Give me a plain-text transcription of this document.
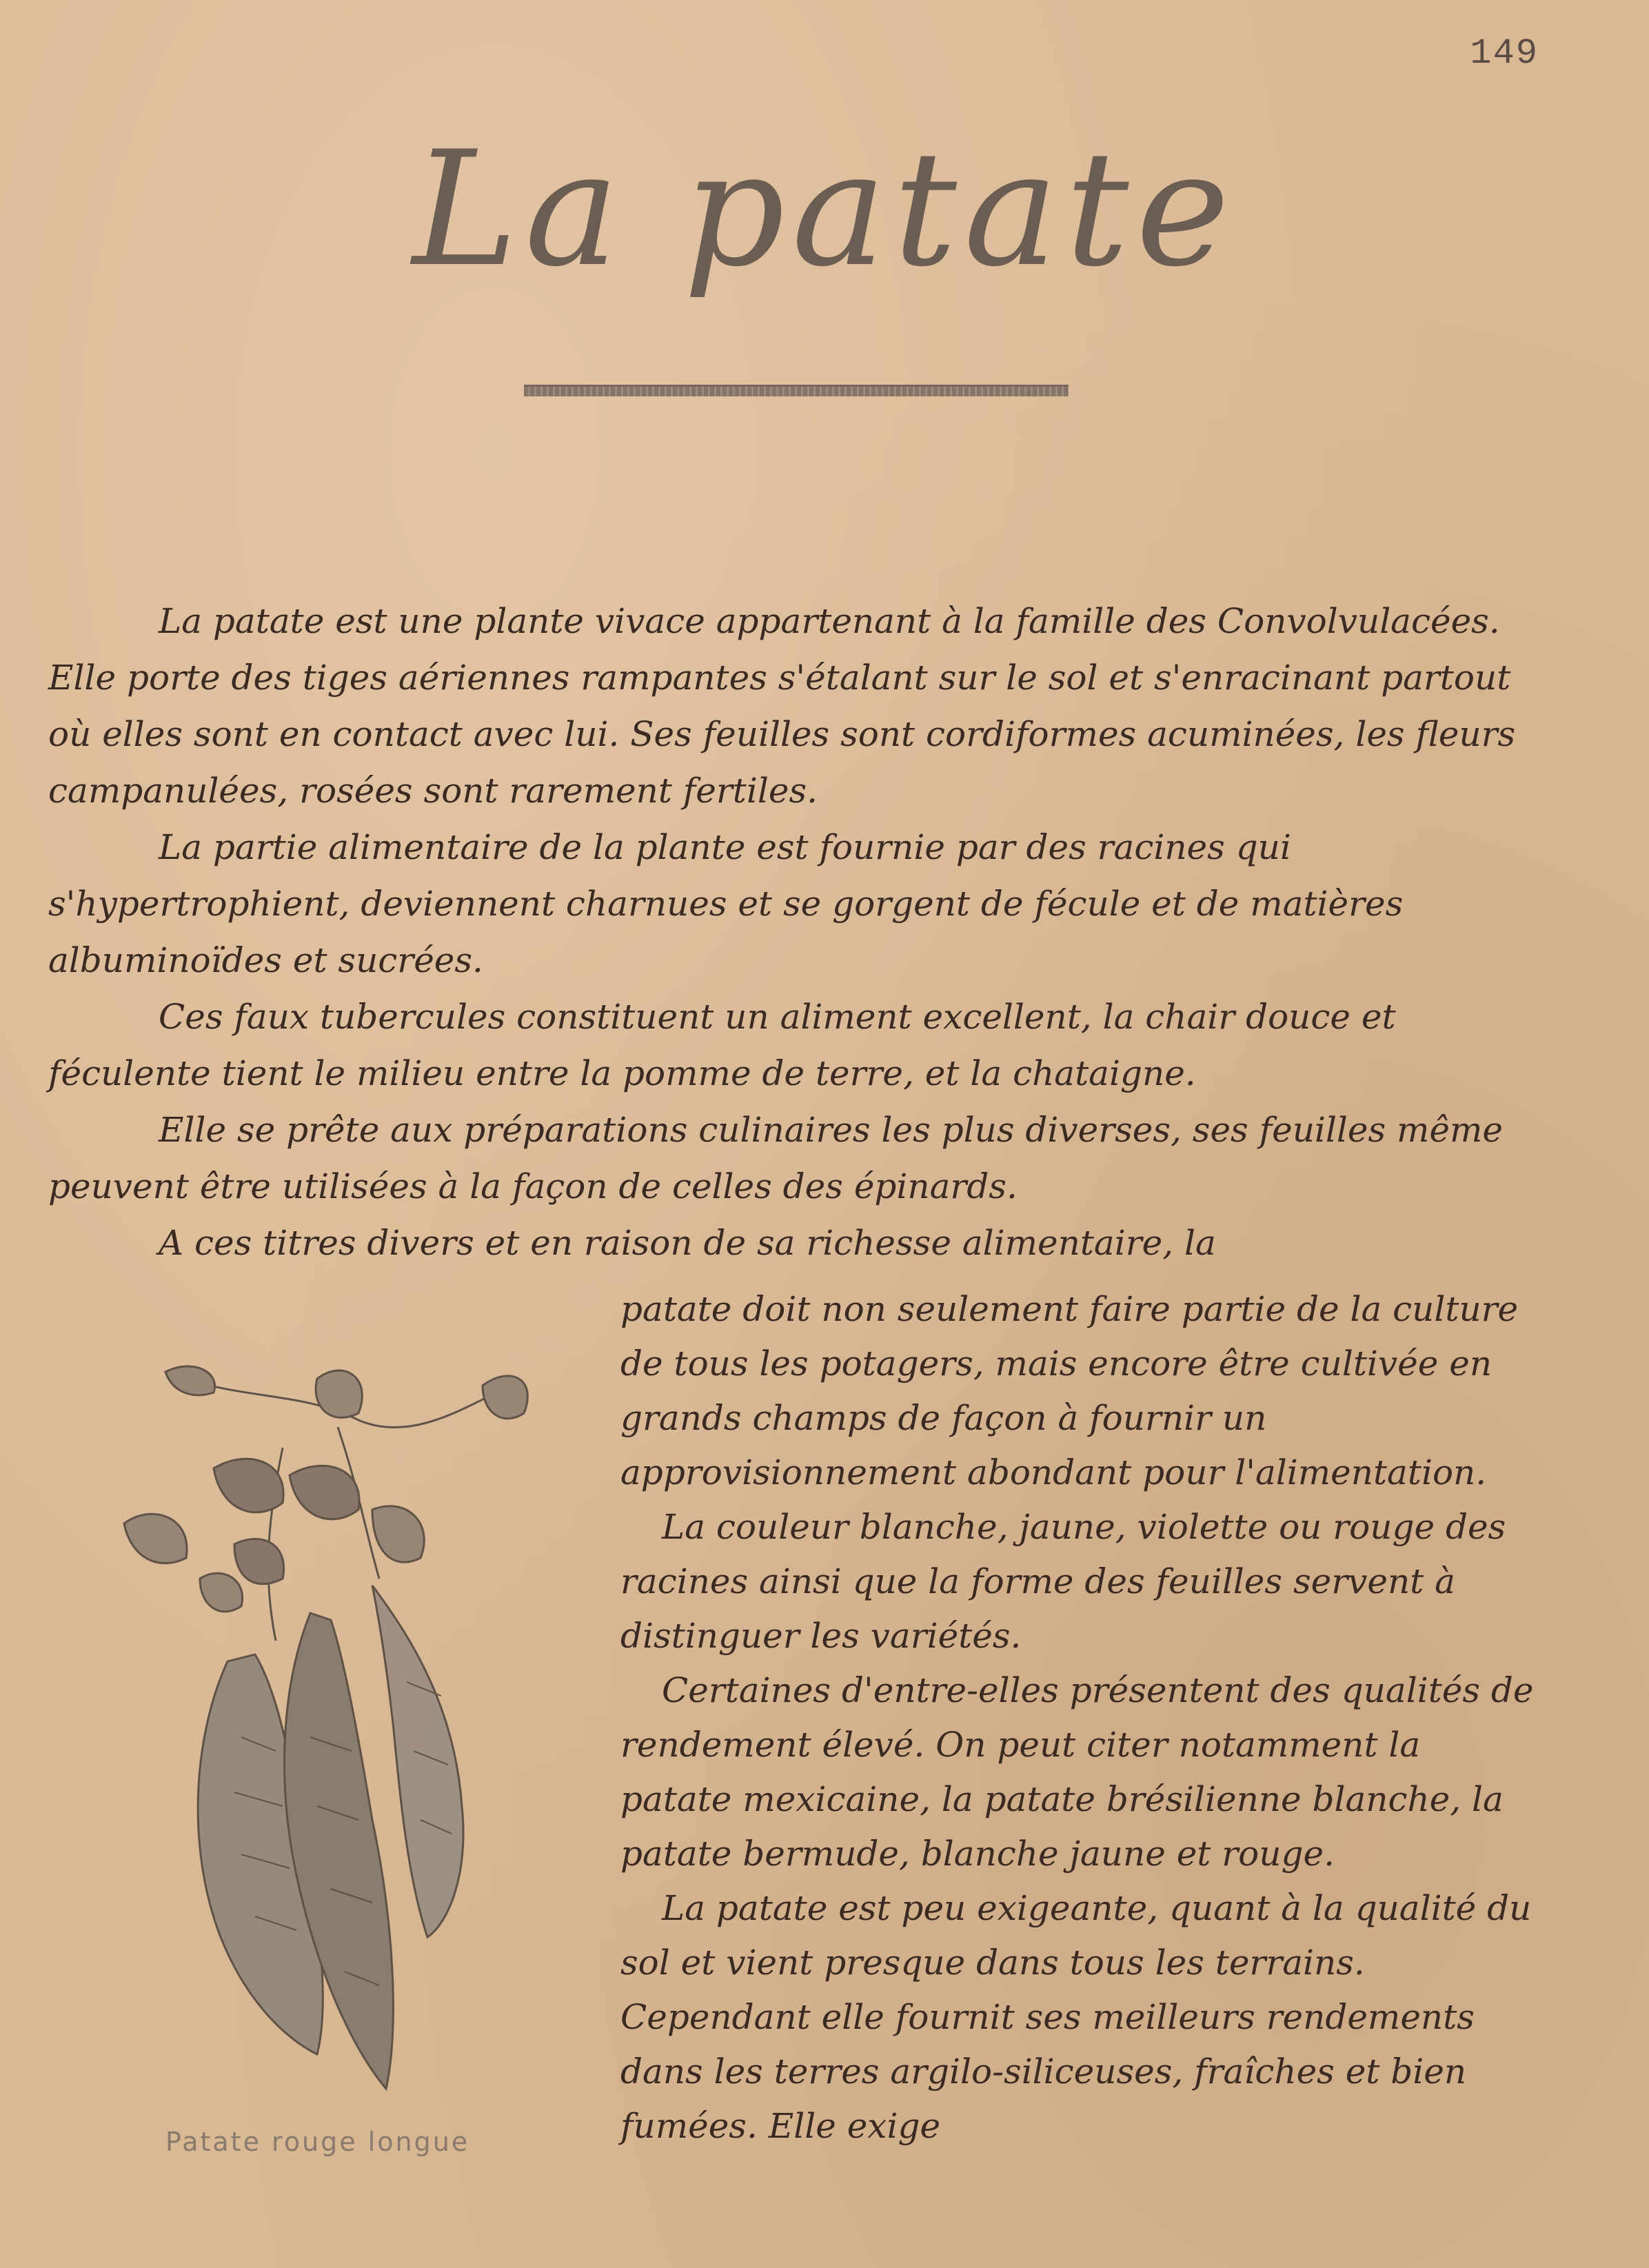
149
La patate

La patate est une plante vivace appartenant à la famille des Convolvulacées. Elle porte des tiges aériennes rampantes s'étalant sur le sol et s'enracinant partout où elles sont en contact avec lui. Ses feuilles sont cordiformes acuminées, les fleurs campanulées, rosées sont rarement fertiles.

La partie alimentaire de la plante est fournie par des racines qui s'hypertrophient, deviennent charnues et se gorgent de fécule et de matières albuminoïdes et sucrées.

Ces faux tubercules constituent un aliment excellent, la chair douce et féculente tient le milieu entre la pomme de terre, et la chataigne.

Elle se prête aux préparations culinaires les plus diverses, ses feuilles même peuvent être utilisées à la façon de celles des épinards.

A ces titres divers et en raison de sa richesse alimentaire, la

Patate rouge longue

patate doit non seulement faire partie de la culture de tous les potagers, mais encore être cultivée en grands champs de façon à fournir un approvisionnement abondant pour l'alimentation.

La couleur blanche, jaune, violette ou rouge des racines ainsi que la forme des feuilles servent à distinguer les variétés.

Certaines d'entre-elles présentent des qualités de rendement élevé. On peut citer notamment la patate mexicaine, la patate brésilienne blanche, la patate bermude, blanche jaune et rouge.

La patate est peu exigeante, quant à la qualité du sol et vient presque dans tous les terrains. Cependant elle fournit ses meilleurs rendements dans les terres argilo-siliceuses, fraîches et bien fumées. Elle exige
